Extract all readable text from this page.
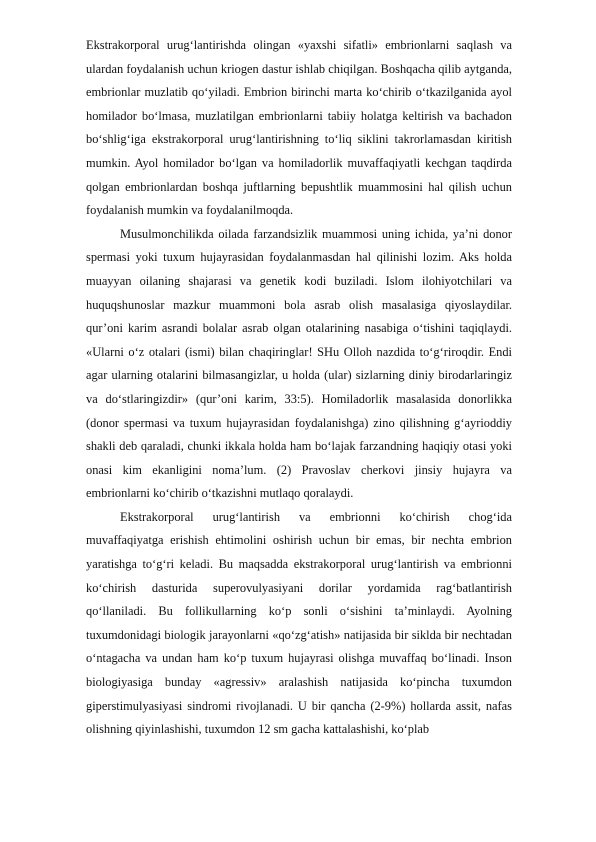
Ekstrakorporal urug‘lantirishda olingan «yaxshi sifatli» embrionlarni saqlash va ulardan foydalanish uchun kriogen dastur ishlab chiqilgan. Boshqacha qilib aytganda, embrionlar muzlatib qo‘yiladi. Embrion birinchi marta ko‘chirib o‘tkazilganida ayol homilador bo‘lmasa, muzlatilgan embrionlarni tabiiy holatga keltirish va bachadon bo‘shlig‘iga ekstrakorporal urug‘lantirishning to‘liq siklini takrorlamasdan kiritish mumkin. Ayol homilador bo‘lgan va homiladorlik muvaffaqiyatli kechgan taqdirda qolgan embrionlardan boshqa juftlarning bepushtlik muammosini hal qilish uchun foydalanish mumkin va foydalanilmoqda.

Musulmonchilikda oilada farzandsizlik muammosi uning ichida, ya’ni donor spermasi yoki tuxum hujayrasidan foydalanmasdan hal qilinishi lozim. Aks holda muayyan oilaning shajarasi va genetik kodi buziladi. Islom ilohiyotchilari va huquqshunoslar mazkur muammoni bola asrab olish masalasiga qiyoslaydilar. qur’oni karim asrandi bolalar asrab olgan otalarining nasabiga o‘tishini taqiqlaydi. «Ularni o‘z otalari (ismi) bilan chaqiringlar! SHu Olloh nazdida to‘g‘riroqdir. Endi agar ularning otalarini bilmasangizlar, u holda (ular) sizlarning diniy birodarlaringiz va do‘stlaringizdir» (qur’oni karim, 33:5). Homiladorlik masalasida donorlikka (donor spermasi va tuxum hujayrasidan foydalanishga) zino qilishning g‘ayrioddiy shakli deb qaraladi, chunki ikkala holda ham bo‘lajak farzandning haqiqiy otasi yoki onasi kim ekanligini noma’lum. (2) Pravoslav cherkovi jinsiy hujayra va embrionlarni ko‘chirib o‘tkazishni mutlaqo qoralaydi.

Ekstrakorporal urug‘lantirish va embrionni ko‘chirish chog‘ida muvaffaqiyatga erishish ehtimolini oshirish uchun bir emas, bir nechta embrion yaratishga to‘g‘ri keladi. Bu maqsadda ekstrakorporal urug‘lantirish va embrionni ko‘chirish dasturida superovulyasiyani dorilar yordamida rag‘batlantirish qo‘llaniladi. Bu follikullarning ko‘p sonli o‘sishini ta’minlaydi. Ayolning tuxumdonidagi biologik jarayonlarni «qo‘zg‘atish» natijasida bir siklda bir nechtadan o‘ntagacha va undan ham ko‘p tuxum hujayrasi olishga muvaffaq bo‘linadi. Inson biologiyasiga bunday «agressiv» aralashish natijasida ko‘pincha tuxumdon giperstimulyasiyasi sindromi rivojlanadi. U bir qancha (2-9%) hollarda assit, nafas olishning qiyinlashishi, tuxumdon 12 sm gacha kattalashishi, ko‘plab
